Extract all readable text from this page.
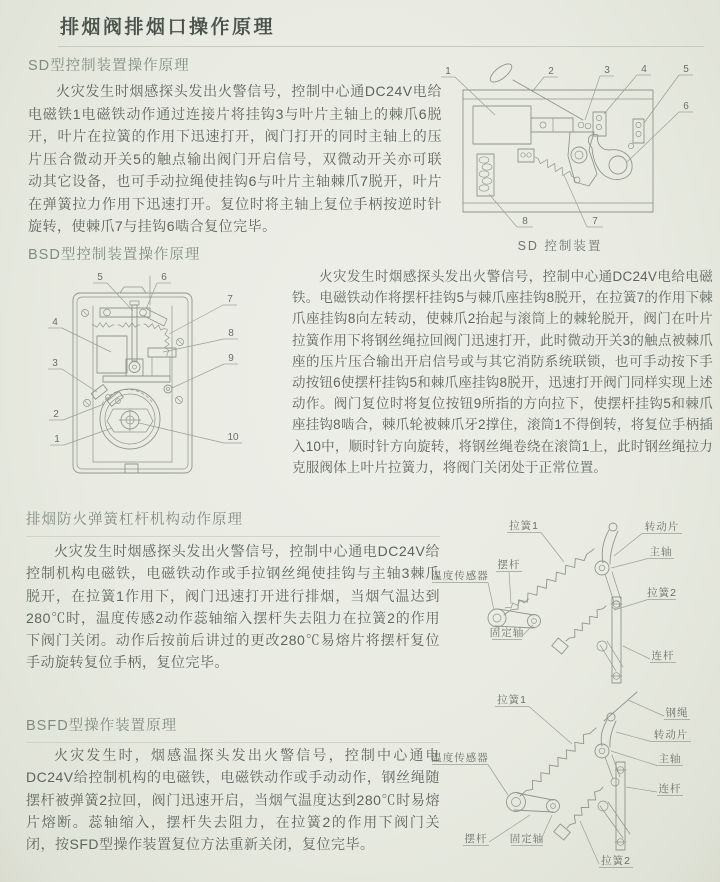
排烟阀排烟口操作原理
SD型控制装置操作原理

火灾发生时烟感探头发出火警信号，控制中心通DC24V电给电磁铁1电磁铁动作通过连接片将挂钩3与叶片主轴上的棘爪6脱开，叶片在拉簧的作用下迅速打开，阀门打开的同时主轴上的压片压合微动开关5的触点输出阀门开启信号，双微动开关亦可联动其它设备，也可手动拉绳使挂钩6与叶片主轴棘爪7脱开，叶片在弹簧拉力作用下迅速打开。复位时将主轴上复位手柄按逆时针旋转，使棘爪7与挂钩6啮合复位完毕。

1	2	3	4	5
6
7
8
SD 控制装置
BSD型控制装置操作原理
5	6
7
8
9
4
3
2
1	10

火灾发生时烟感探头发出火警信号，控制中心通DC24V电给电磁铁。电磁铁动作将摆杆挂钩5与棘爪座挂钩8脱开，在拉簧7的作用下棘爪座挂钩8向左转动，使棘爪2抬起与滚筒上的棘轮脱开，阀门在叶片拉簧作用下将钢丝绳拉回阀门迅速打开，此时微动开关3的触点被棘爪座的压片压合输出开启信号或与其它消防系统联锁，也可手动按下手动按钮6使摆杆挂钩5和棘爪座挂钩8脱开，迅速打开阀门同样实现上述动作。阀门复位时将复位按钮9所指的方向拉下，使摆杆挂钩5和棘爪座挂钩8啮合，棘爪轮被棘爪牙2撑住，滚筒1不得倒转，将复位手柄插入10中，顺时针方向旋转，将钢丝绳卷绕在滚筒1上，此时钢丝绳拉力克服阀体上叶片拉簧力，将阀门关闭处于正常位置。

排烟防火弹簧杠杆机构动作原理

火灾发生时烟感探头发出火警信号，控制中心通电DC24V给控制机构电磁铁，电磁铁动作或手拉钢丝绳使挂钩与主轴3棘爪脱开，在拉簧1作用下，阀门迅速打开进行排烟，当烟气温达到280℃时，温度传感2动作蕊轴缩入摆杆失去阻力在拉簧2的作用下阀门关闭。动作后按前后讲过的更改280℃易熔片将摆杆复位手动旋转复位手柄，复位完毕。

拉簧1	转动片
主轴
摆杆
温度传感器
拉簧2
固定轴
连杆
BSFD型操作装置原理

火灾发生时，烟感温探头发出火警信号，控制中心通电DC24V给控制机构的电磁铁，电磁铁动作或手动动作，钢丝绳随摆杆被弹簧2拉回，阀门迅速开启，当烟气温度达到280℃时易熔片熔断。蕊轴缩入，摆杆失去阻力，在拉簧2的作用下阀门关闭，按SFD型操作装置复位方法重新关闭，复位完毕。

拉簧1
钢绳
转动片
主轴
连杆
温度传感器
摆杆 固定轴
拉簧2
